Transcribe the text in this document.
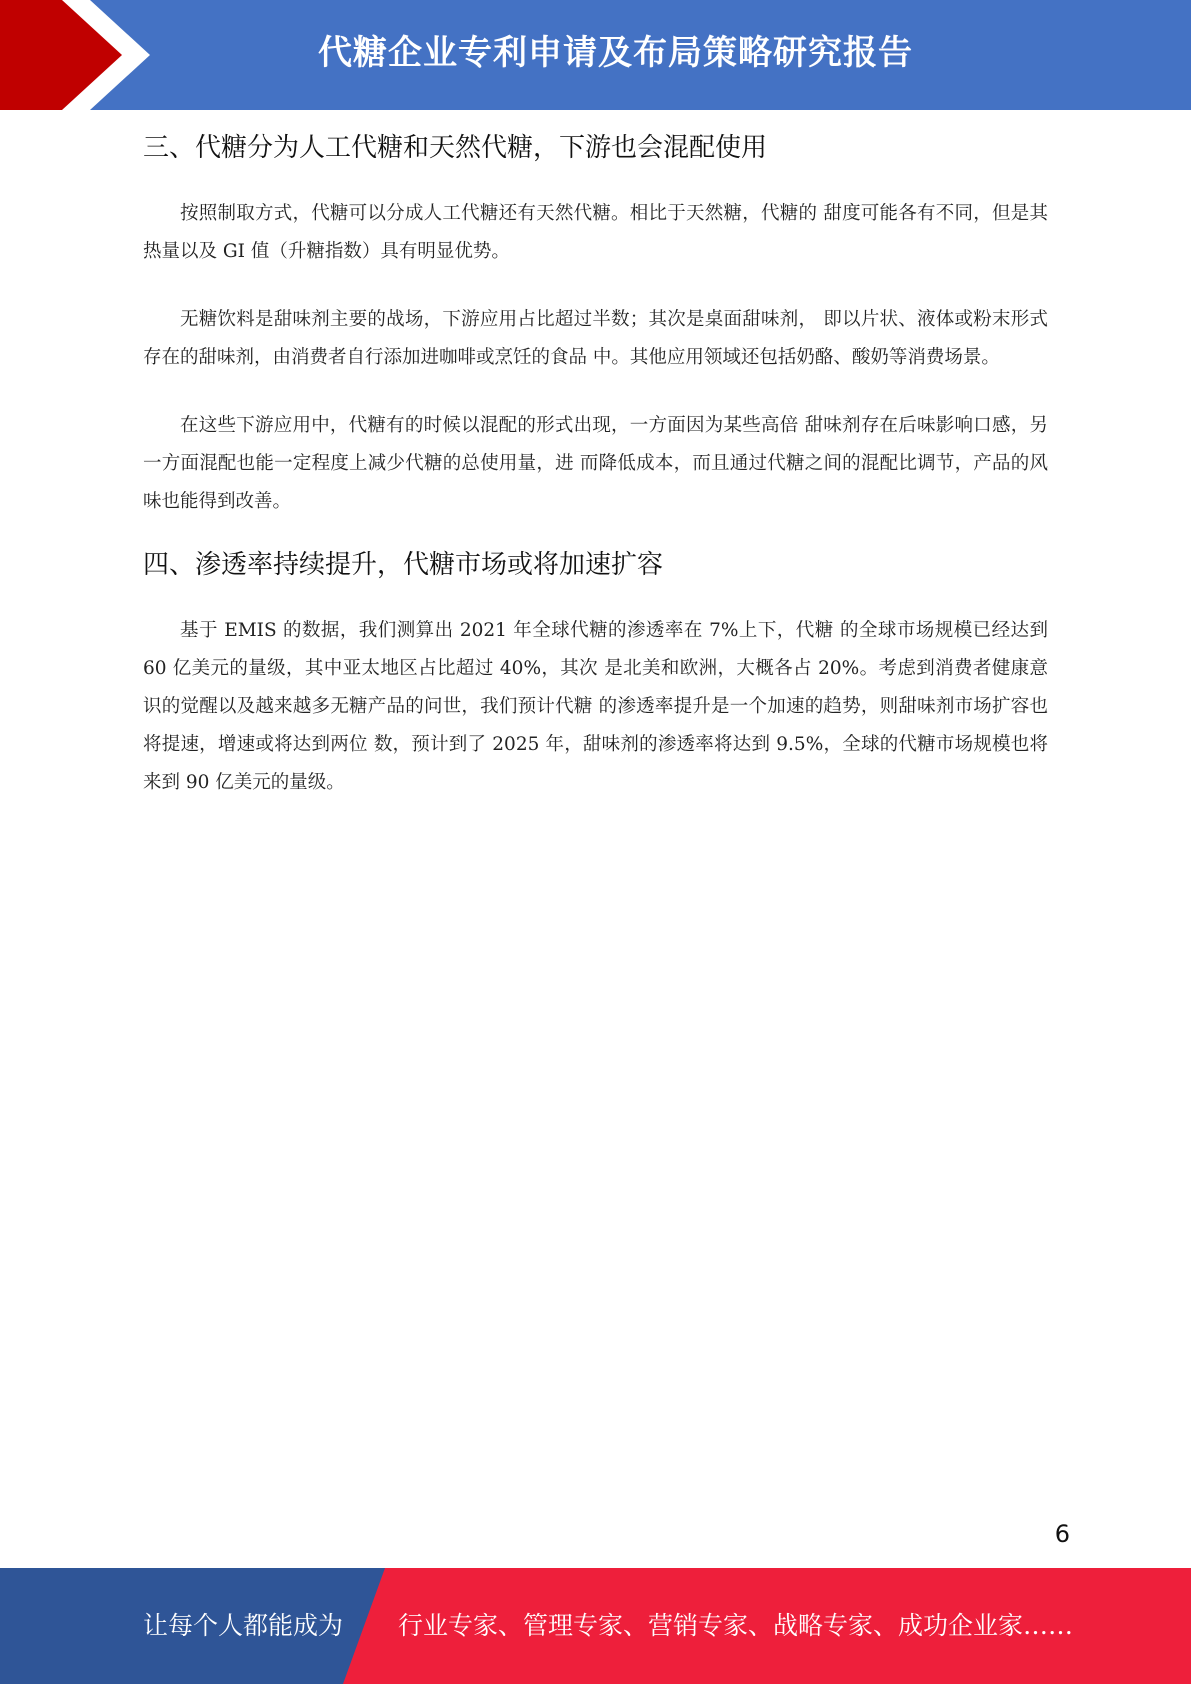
代糖企业专利申请及布局策略研究报告
三、代糖分为人工代糖和天然代糖，下游也会混配使用

按照制取方式，代糖可以分成人工代糖还有天然代糖。相比于天然糖，代糖的 甜度可能各有不同，但是其热量以及 GI 值（升糖指数）具有明显优势。

无糖饮料是甜味剂主要的战场，下游应用占比超过半数；其次是桌面甜味剂， 即以片状、液体或粉末形式存在的甜味剂，由消费者自行添加进咖啡或烹饪的食品 中。其他应用领域还包括奶酪、酸奶等消费场景。

在这些下游应用中，代糖有的时候以混配的形式出现，一方面因为某些高倍 甜味剂存在后味影响口感，另一方面混配也能一定程度上减少代糖的总使用量，进 而降低成本，而且通过代糖之间的混配比调节，产品的风味也能得到改善。

四、渗透率持续提升，代糖市场或将加速扩容

基于 EMIS 的数据，我们测算出 2021 年全球代糖的渗透率在 7%上下，代糖 的全球市场规模已经达到 60 亿美元的量级，其中亚太地区占比超过 40%，其次 是北美和欧洲，大概各占 20%。考虑到消费者健康意识的觉醒以及越来越多无糖产品的问世，我们预计代糖 的渗透率提升是一个加速的趋势，则甜味剂市场扩容也将提速，增速或将达到两位 数，预计到了 2025 年，甜味剂的渗透率将达到 9.5%，全球的代糖市场规模也将 来到 90 亿美元的量级。

6
让每个人都能成为 行业专家、管理专家、营销专家、战略专家、成功企业家……
